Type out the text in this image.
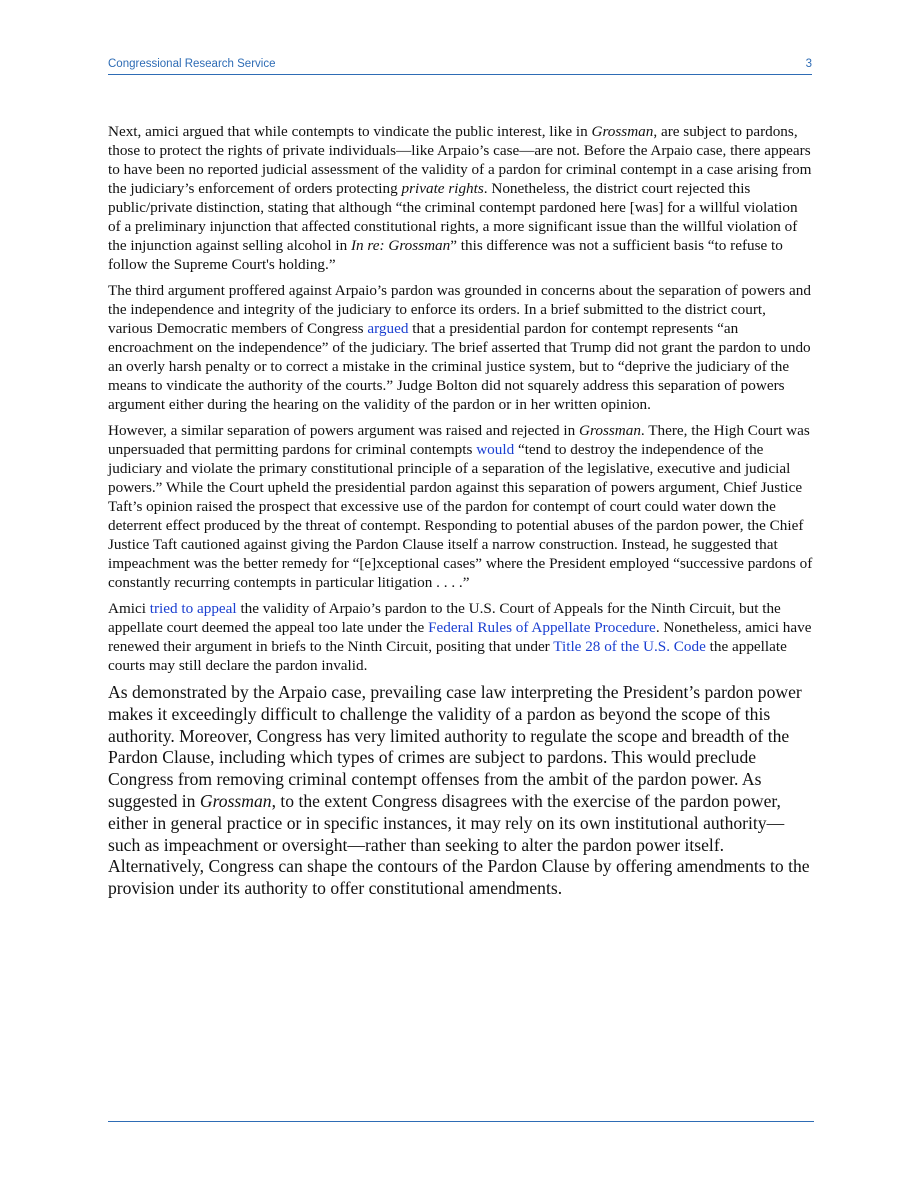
Congressional Research Service	3

Next, amici argued that while contempts to vindicate the public interest, like in Grossman, are subject to pardons, those to protect the rights of private individuals—like Arpaio’s case—are not. Before the Arpaio case, there appears to have been no reported judicial assessment of the validity of a pardon for criminal contempt in a case arising from the judiciary’s enforcement of orders protecting private rights. Nonetheless, the district court rejected this public/private distinction, stating that although “the criminal contempt pardoned here [was] for a willful violation of a preliminary injunction that affected constitutional rights, a more significant issue than the willful violation of the injunction against selling alcohol in In re: Grossman” this difference was not a sufficient basis “to refuse to follow the Supreme Court's holding.”

The third argument proffered against Arpaio’s pardon was grounded in concerns about the separation of powers and the independence and integrity of the judiciary to enforce its orders. In a brief submitted to the district court, various Democratic members of Congress argued that a presidential pardon for contempt represents “an encroachment on the independence” of the judiciary. The brief asserted that Trump did not grant the pardon to undo an overly harsh penalty or to correct a mistake in the criminal justice system, but to “deprive the judiciary of the means to vindicate the authority of the courts.” Judge Bolton did not squarely address this separation of powers argument either during the hearing on the validity of the pardon or in her written opinion.

However, a similar separation of powers argument was raised and rejected in Grossman. There, the High Court was unpersuaded that permitting pardons for criminal contempts would “tend to destroy the independence of the judiciary and violate the primary constitutional principle of a separation of the legislative, executive and judicial powers.” While the Court upheld the presidential pardon against this separation of powers argument, Chief Justice Taft’s opinion raised the prospect that excessive use of the pardon for contempt of court could water down the deterrent effect produced by the threat of contempt. Responding to potential abuses of the pardon power, the Chief Justice Taft cautioned against giving the Pardon Clause itself a narrow construction. Instead, he suggested that impeachment was the better remedy for “[e]xceptional cases” where the President employed “successive pardons of constantly recurring contempts in particular litigation . . . .”

Amici tried to appeal the validity of Arpaio’s pardon to the U.S. Court of Appeals for the Ninth Circuit, but the appellate court deemed the appeal too late under the Federal Rules of Appellate Procedure. Nonetheless, amici have renewed their argument in briefs to the Ninth Circuit, positing that under Title 28 of the U.S. Code the appellate courts may still declare the pardon invalid.

As demonstrated by the Arpaio case, prevailing case law interpreting the President’s pardon power makes it exceedingly difficult to challenge the validity of a pardon as beyond the scope of this authority. Moreover, Congress has very limited authority to regulate the scope and breadth of the Pardon Clause, including which types of crimes are subject to pardons. This would preclude Congress from removing criminal contempt offenses from the ambit of the pardon power. As suggested in Grossman, to the extent Congress disagrees with the exercise of the pardon power, either in general practice or in specific instances, it may rely on its own institutional authority—such as impeachment or oversight—rather than seeking to alter the pardon power itself. Alternatively, Congress can shape the contours of the Pardon Clause by offering amendments to the provision under its authority to offer constitutional amendments.
